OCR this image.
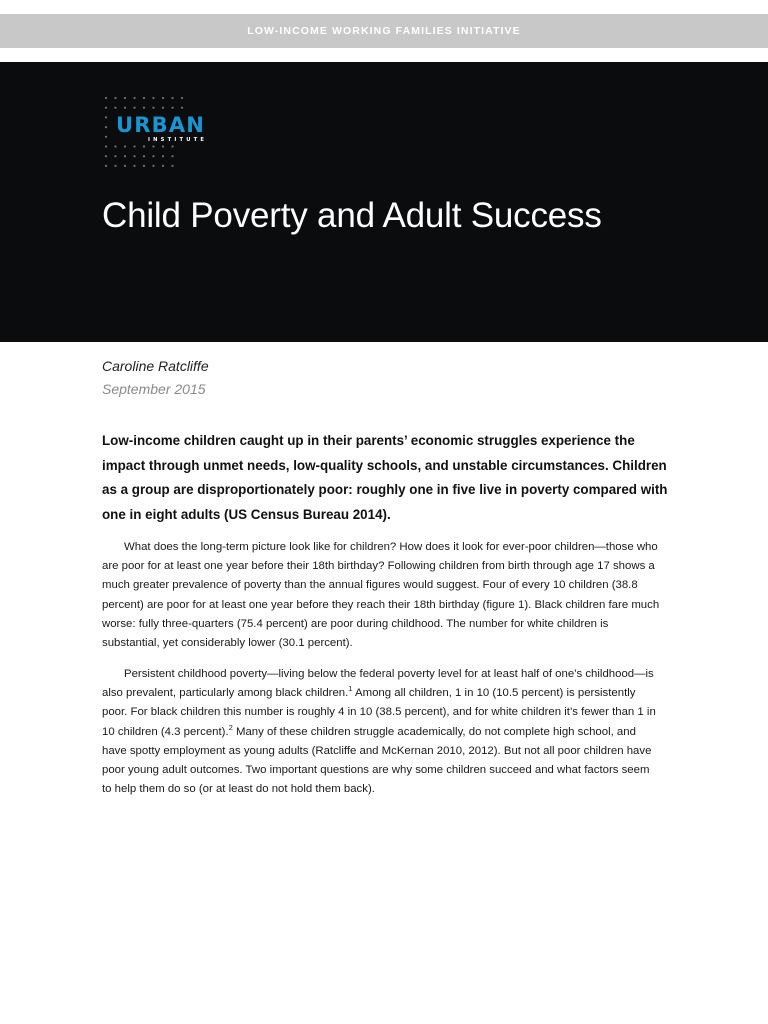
LOW-INCOME WORKING FAMILIES INITIATIVE
URBAN
INSTITUTE
Child Poverty and Adult Success
Caroline Ratcliffe
September 2015

Low-income children caught up in their parents’ economic struggles experience the impact through unmet needs, low-quality schools, and unstable circumstances. Children as a group are disproportionately poor: roughly one in five live in poverty compared with one in eight adults (US Census Bureau 2014).

What does the long-term picture look like for children? How does it look for ever-poor children—those who are poor for at least one year before their 18th birthday? Following children from birth through age 17 shows a much greater prevalence of poverty than the annual figures would suggest. Four of every 10 children (38.8 percent) are poor for at least one year before they reach their 18th birthday (figure 1). Black children fare much worse: fully three-quarters (75.4 percent) are poor during childhood. The number for white children is substantial, yet considerably lower (30.1 percent).

Persistent childhood poverty—living below the federal poverty level for at least half of one’s childhood—is also prevalent, particularly among black children.$^1$ Among all children, 1 in 10 (10.5 percent) is persistently poor. For black children this number is roughly 4 in 10 (38.5 percent), and for white children it’s fewer than 1 in 10 children (4.3 percent).$^2$ Many of these children struggle academically, do not complete high school, and have spotty employment as young adults (Ratcliffe and McKernan 2010, 2012). But not all poor children have poor young adult outcomes. Two important questions are why some children succeed and what factors seem to help them do so (or at least do not hold them back).
